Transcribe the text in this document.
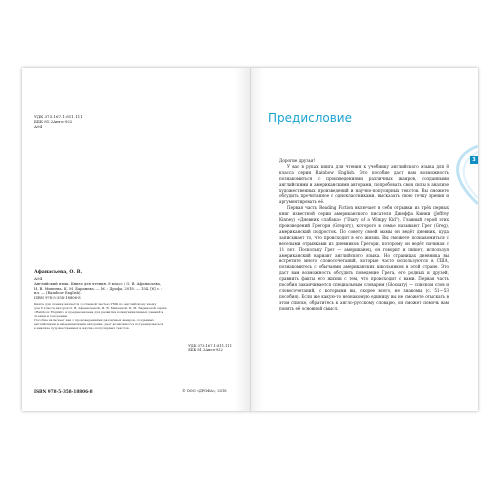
УДК 373.167.1:811.111
ББК 81.2Англ-922
А94
Афанасьева, О. В.
А94
Английский язык. Книга для чтения. 8 класс / О. В. Афанасьева,
И. В. Михеева, К. М. Баранова. — М. : Дрофа, 2018. — 154, [6] с. :
ил. — (Rainbow English).
ISBN 978-5-358-18806-8
Книга для чтения является составной частью УМК по английскому языку
для 8 класса авторов О. В. Афанасьевой, И. В. Михеевой, К. М. Барановой серии
«Rainbow English» и предназначена для развития коммуникативных умений в
чтении и говорении.
Пособие включает как с произведениями различных жанров, созданных
английскими и американскими авторами, дает возможность потренироваться
в анализе художественных и научно-популярных текстов.
УДК 373.167.1:811.111
ББК 81.2Англ-922
ISBN 978-5-358-18806-8	© ООО «ДРОФА», 2018
Предисловие
3

Дорогие друзья!

У вас в руках книга для чтения к учебнику английского языка для 8 класса серии Rainbow English. Это пособие даст вам возможность познакомиться с произведениями различных жанров, созданными английскими и американскими авторами, попробовать свои силы в анализе художественных произведений и научно-популярных текстов. Вы сможете обсудить прочитанное с одноклассниками, высказать свою точку зрения и аргументировать её.

Первая часть Reading Fiction включает в себя отрывки из трёх первых книг известной серии американского писателя Джеффа Кинни (Jeffrey Kinney) «Дневник слабака» ("Diary of a Wimpy Kid"). Главный герой этих произведений Грегори (Gregory), которого в семье называют Грег (Greg), американский подросток. По совету своей мамы он ведёт дневник, куда записывает то, что происходит в его жизни. Вы сможете познакомиться с веселыми отрывками из дневников Грегори, которому он ведёт начиная с 11 лет. Поскольку Грег — американец, он говорит и пишет, используя американский вариант английского языка. Но страницах дневника вы встретите много словосочетаний, которые часто используются в США, познакомитесь с обычаями американских школьников в этой стране. Это даст вам возможность обсудить поведение Грега, его родных и друзей, сравнить факты его жизни с тем, что происходит с вами. Первая часть пособия заканчивается специальным словарем (Glossary) — списком слов и словосочетаний, с которыми вы, скорее всего, не знакомы (с. 51—53 пособия). Если же какую-то незнакомую единицу вы не сможете отыскать в этом списке, обратитесь к англо-русскому словарю, он сможет помочь вам понять её основной смысл.
